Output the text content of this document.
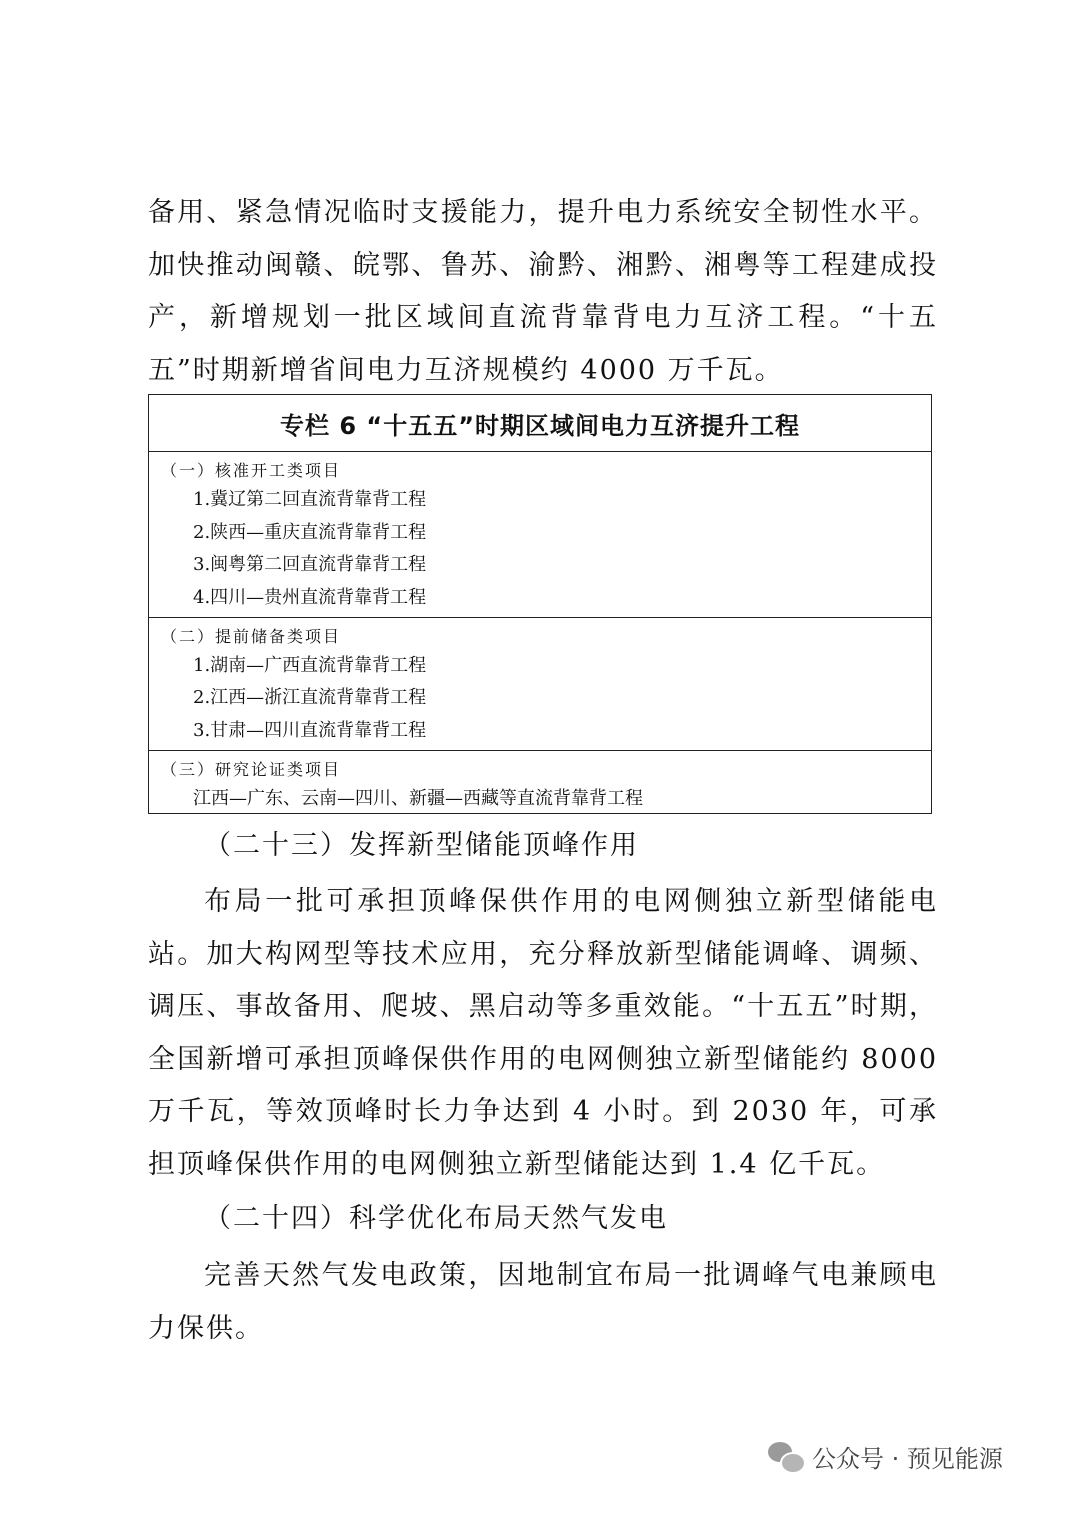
备用、紧急情况临时支援能力，提升电力系统安全韧性水平。加快推动闽赣、皖鄂、鲁苏、渝黔、湘黔、湘粤等工程建成投产，新增规划一批区域间直流背靠背电力互济工程。“十五五”时期新增省间电力互济规模约 4000 万千瓦。

专栏 6 “十五五”时期区域间电力互济提升工程
（一）核准开工类项目
1.冀辽第二回直流背靠背工程
2.陕西—重庆直流背靠背工程
3.闽粤第二回直流背靠背工程
4.四川—贵州直流背靠背工程
（二）提前储备类项目
1.湖南—广西直流背靠背工程
2.江西—浙江直流背靠背工程
3.甘肃—四川直流背靠背工程
（三）研究论证类项目
江西—广东、云南—四川、新疆—西藏等直流背靠背工程

（二十三）发挥新型储能顶峰作用

布局一批可承担顶峰保供作用的电网侧独立新型储能电站。加大构网型等技术应用，充分释放新型储能调峰、调频、调压、事故备用、爬坡、黑启动等多重效能。“十五五”时期，全国新增可承担顶峰保供作用的电网侧独立新型储能约 8000 万千瓦，等效顶峰时长力争达到 4 小时。到 2030 年，可承担顶峰保供作用的电网侧独立新型储能达到 1.4 亿千瓦。

（二十四）科学优化布局天然气发电

完善天然气发电政策，因地制宜布局一批调峰气电兼顾电力保供。

公众号 · 预见能源
